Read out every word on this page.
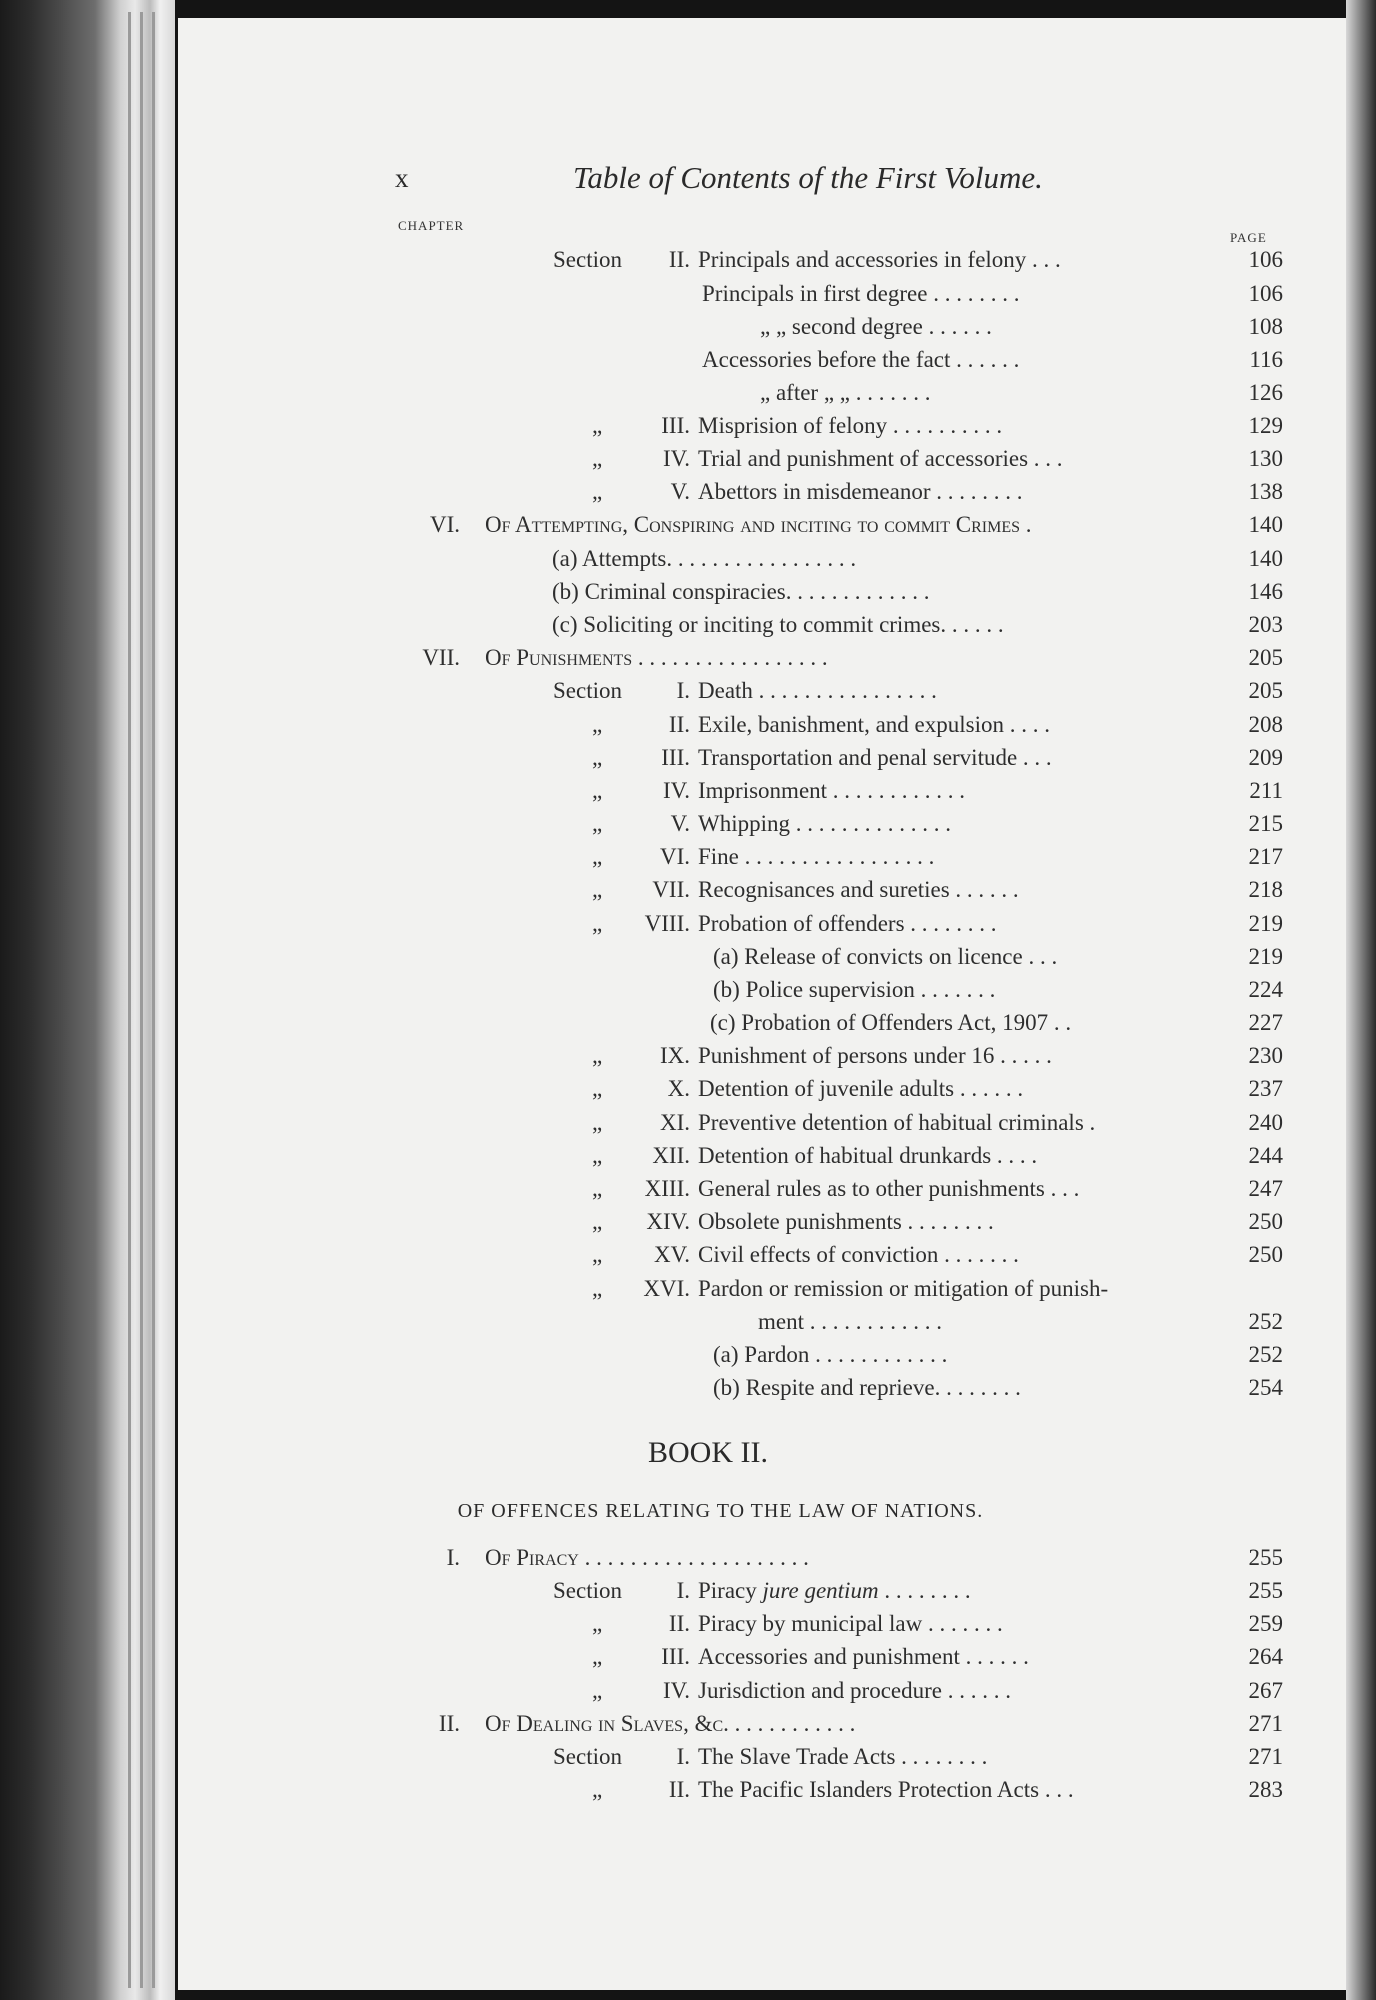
x	Table of Contents of the First Volume.
CHAPTER
PAGE
Section	II. Principals and accessories in felony . . .	106
Principals in first degree . . . . . . . .	106
„ „ second degree . . . . . .	108
Accessories before the fact . . . . . .	116
„ after „ „ . . . . . . .	126
„	III. Misprision of felony . . . . . . . . . .	129
„	IV. Trial and punishment of accessories . . .	130
„	V. Abettors in misdemeanor . . . . . . . .	138
VI. Of Attempting, Conspiring and inciting to commit Crimes .	140
(a) Attempts. . . . . . . . . . . . . . . . .	140
(b) Criminal conspiracies. . . . . . . . . . . . .	146
(c) Soliciting or inciting to commit crimes. . . . . .	203
VII. Of Punishments . . . . . . . . . . . . . . . . .	205
Section	I. Death . . . . . . . . . . . . . . . .	205
„	II. Exile, banishment, and expulsion . . . .	208
„	III. Transportation and penal servitude . . .	209
„	IV. Imprisonment . . . . . . . . . . . .	211
„	V. Whipping . . . . . . . . . . . . . .	215
„	VI. Fine . . . . . . . . . . . . . . . . .	217
„	VII. Recognisances and sureties . . . . . .	218
„	VIII. Probation of offenders . . . . . . . .	219
(a) Release of convicts on licence . . .	219
(b) Police supervision . . . . . . .	224
(c) Probation of Offenders Act, 1907 . .	227
„	IX. Punishment of persons under 16 . . . . .	230
„	X. Detention of juvenile adults . . . . . .	237
„	XI. Preventive detention of habitual criminals .	240
„	XII. Detention of habitual drunkards . . . .	244
„	XIII. General rules as to other punishments . . .	247
„	XIV. Obsolete punishments . . . . . . . .	250
„	XV. Civil effects of conviction . . . . . . .	250
„	XVI. Pardon or remission or mitigation of punish-
ment . . . . . . . . . . . .	252
(a) Pardon . . . . . . . . . . . .	252
(b) Respite and reprieve. . . . . . . .	254
BOOK II.
OF OFFENCES RELATING TO THE LAW OF NATIONS.
I. Of Piracy . . . . . . . . . . . . . . . . . . . .	255
Section	I. Piracy jure gentium . . . . . . . .	255
„	II. Piracy by municipal law . . . . . . .	259
„	III. Accessories and punishment . . . . . .	264
„	IV. Jurisdiction and procedure . . . . . .	267
II. Of Dealing in Slaves, &c. . . . . . . . . . . .	271
Section	I. The Slave Trade Acts . . . . . . . .	271
„	II. The Pacific Islanders Protection Acts . . .	283
